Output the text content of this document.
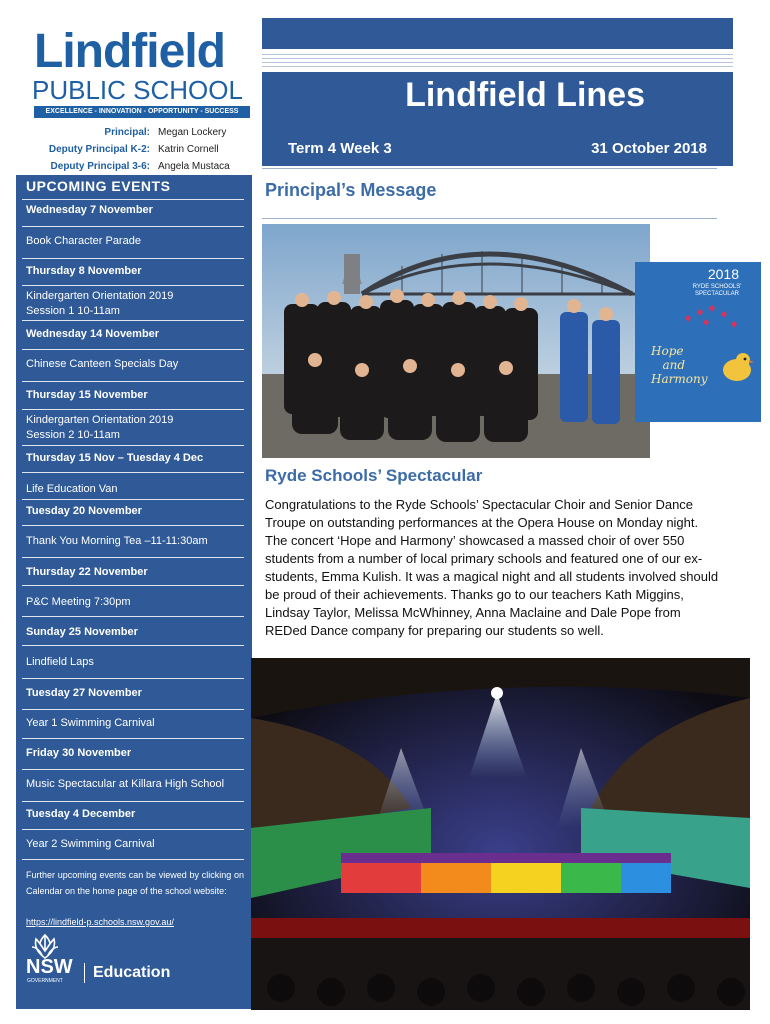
Lindfield
PUBLIC SCHOOL
EXCELLENCE - INNOVATION - OPPORTUNITY - SUCCESS
Principal: Megan Lockery
Deputy Principal K-2: Katrin Cornell
Deputy Principal 3-6: Angela Mustaca
UPCOMING EVENTS
Wednesday 7 November
Book Character Parade
Thursday 8 November
Kindergarten Orientation 2019
Session 1 10-11am
Wednesday 14 November
Chinese Canteen Specials Day
Thursday 15 November
Kindergarten Orientation 2019
Session 2 10-11am
Thursday 15 Nov – Tuesday 4 Dec
Life Education Van
Tuesday 20 November
Thank You Morning Tea –11-11:30am
Thursday 22 November
P&C Meeting 7:30pm
Sunday 25 November
Lindfield Laps
Tuesday 27 November
Year 1 Swimming Carnival
Friday 30 November
Music Spectacular at Killara High School
Tuesday 4 December
Year 2 Swimming Carnival
Further upcoming events can be viewed by clicking on Calendar on the home page of the school website:
https://lindfield-p.schools.nsw.gov.au/
NSW
GOVERNMENT	Education
Lindfield Lines
Term 4 Week 3	31 October 2018
Principal’s Message
2018
RYDE SCHOOLS' SPECTACULAR
Hope
and
Harmony
Ryde Schools’ Spectacular
Congratulations to the Ryde Schools’ Spectacular Choir and Senior Dance Troupe on outstanding performances at the Opera House on Monday night. The concert ‘Hope and Harmony’ showcased a massed choir of over 550 students from a number of local primary schools and featured one of our ex-students, Emma Kulish. It was a magical night and all students involved should be proud of their achievements. Thanks go to our teachers Kath Miggins, Lindsay Taylor, Melissa McWhinney, Anna Maclaine and Dale Pope from REDed Dance company for preparing our students so well.
